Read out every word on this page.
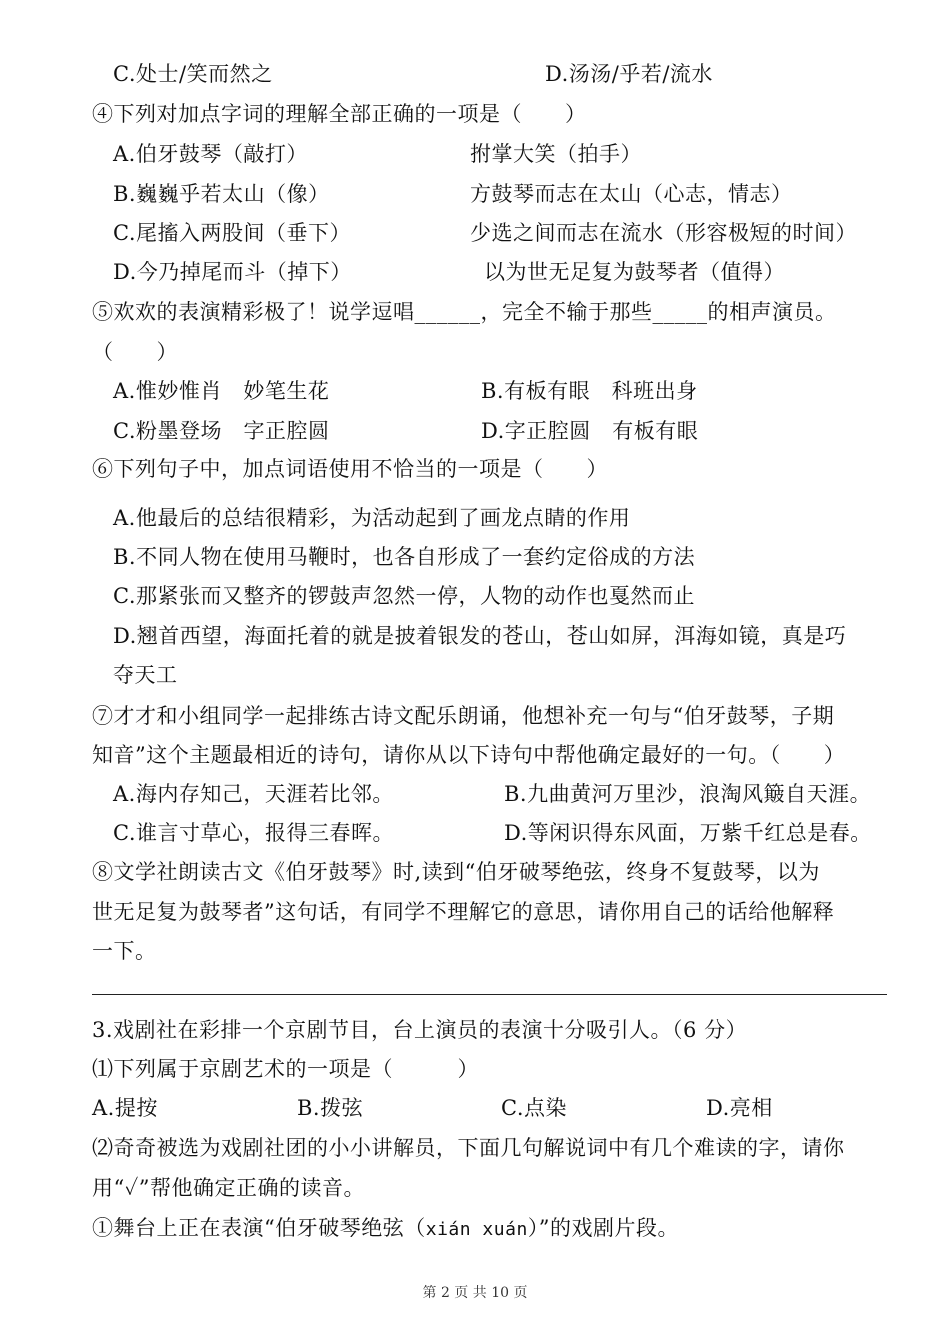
C.处士/笑而然之	D.汤汤/乎若/流水
④下列对加点字词的理解全部正确的一项是（　　）
A.伯牙鼓琴（敲打）	拊掌大笑（拍手）
B.巍巍乎若太山（像）	方鼓琴而志在太山（心志，情志）
C.尾搐入两股间（垂下）	少选之间而志在流水（形容极短的时间）
D.今乃掉尾而斗（掉下）	以为世无足复为鼓琴者（值得）
⑤欢欢的表演精彩极了！说学逗唱______，完全不输于那些_____的相声演员。
（　　）
A.惟妙惟肖　妙笔生花	B.有板有眼　科班出身
C.粉墨登场　字正腔圆	D.字正腔圆　有板有眼
⑥下列句子中，加点词语使用不恰当的一项是（　　）
A.他最后的总结很精彩，为活动起到了画龙点睛的作用
B.不同人物在使用马鞭时，也各自形成了一套约定俗成的方法
C.那紧张而又整齐的锣鼓声忽然一停，人物的动作也戛然而止
D.翘首西望，海面托着的就是披着银发的苍山，苍山如屏，洱海如镜，真是巧
夺天工
⑦才才和小组同学一起排练古诗文配乐朗诵，他想补充一句与“伯牙鼓琴，子期
知音”这个主题最相近的诗句，请你从以下诗句中帮他确定最好的一句。（　　）
A.海内存知己，天涯若比邻。	B.九曲黄河万里沙，浪淘风簸自天涯。
C.谁言寸草心，报得三春晖。	D.等闲识得东风面，万紫千红总是春。
⑧文学社朗读古文《伯牙鼓琴》时,读到“伯牙破琴绝弦，终身不复鼓琴，以为
世无足复为鼓琴者”这句话，有同学不理解它的意思，请你用自己的话给他解释
一下。
3.戏剧社在彩排一个京剧节目，台上演员的表演十分吸引人。（6 分）
⑴下列属于京剧艺术的一项是（　　　）
A.提按	B.拨弦	C.点染	D.亮相
⑵奇奇被选为戏剧社团的小小讲解员，下面几句解说词中有几个难读的字，请你
用“✓”帮他确定正确的读音。
①舞台上正在表演“伯牙破琴绝弦（xián xuán）”的戏剧片段。
第 2 页 共 10 页
